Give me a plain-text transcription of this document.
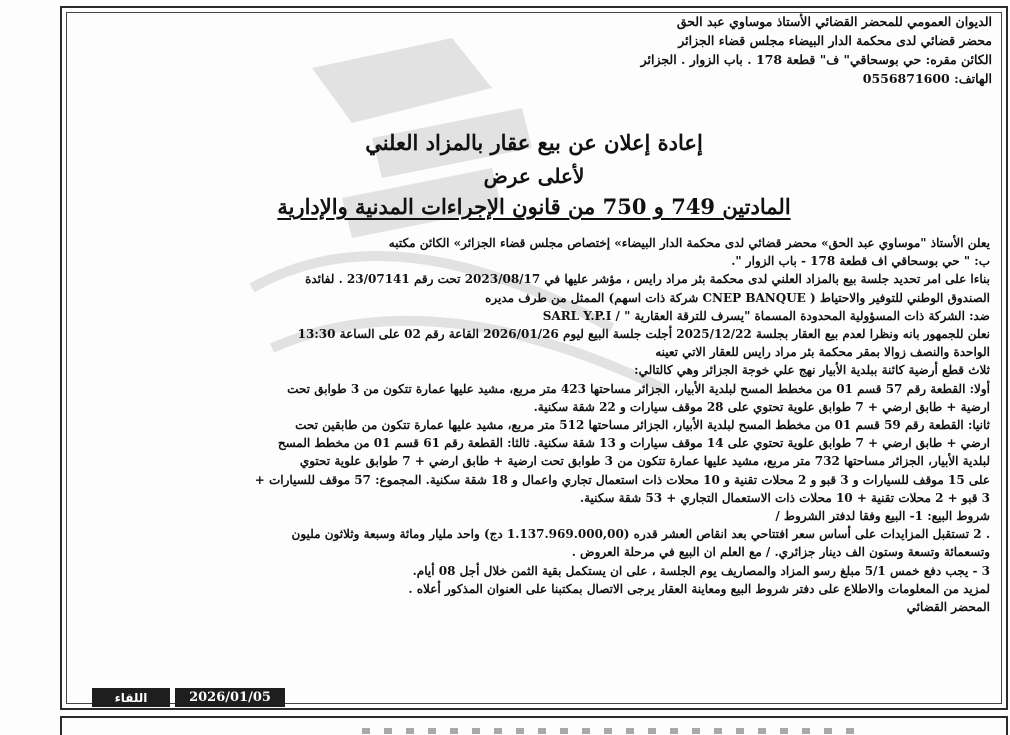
الديوان العمومي للمحضر القضائي الأستاذ موساوي عبد الحق
محضر قضائي لدى محكمة الدار البيضاء مجلس قضاء الجزائر
الكائن مقره: حي بوسحاقي" ف" قطعة 178 . باب الزوار . الجزائر
الهاتف: 0556871600
إعادة إعلان عن بيع عقار بالمزاد العلني
لأعلى عرض
المادتين 749 و 750 من قانون الإجراءات المدنية والإدارية

يعلن الأستاذ "موساوي عبد الحق» محضر قضائي لدى محكمة الدار البيضاء» إختصاص مجلس قضاء الجزائر» الكائن مكتبه

ب: " حي بوسحاقي اف قطعة 178 - باب الزوار ".

بناءا على امر تحديد جلسة بيع بالمزاد العلني لدى محكمة بئر مراد رايس ، مؤشر عليها في 2023/08/17 تحت رقم 23/07141 . لفائدة

الصندوق الوطني للتوفير والاحتياط ( CNEP BANQUE شركة ذات اسهم) الممثل من طرف مديره

ضد: الشركة ذات المسؤولية المحدودة المسماة "يسرف للترقة العقارية " / SARL Y.P.I

نعلن للجمهور بانه ونظرا لعدم بيع العقار بجلسة 2025/12/22 أجلت جلسة البيع ليوم 2026/01/26 القاعة رقم 02 على الساعة 13:30

الواحدة والنصف زوالا بمقر محكمة بئر مراد رايس للعقار الاتي تعينه

ثلاث قطع أرضية كائنة ببلدية الأبيار نهج علي خوجة الجزائر وهي كالتالي:

أولا: القطعة رقم 57 قسم 01 من مخطط المسح لبلدية الأبيار، الجزائر مساحتها 423 متر مربع، مشيد عليها عمارة تتكون من 3 طوابق تحت

ارضية + طابق ارضي + 7 طوابق علوية تحتوي على 28 موقف سيارات و 22 شقة سكنية.

ثانيا: القطعة رقم 59 قسم 01 من مخطط المسح لبلدية الأبيار، الجزائر مساحتها 512 متر مربع، مشيد عليها عمارة تتكون من طابقين تحت

ارضي + طابق ارضي + 7 طوابق علوية تحتوي على 14 موقف سيارات و 13 شقة سكنية. ثالثا: القطعة رقم 61 قسم 01 من مخطط المسح

لبلدية الأبيار، الجزائر مساحتها 732 متر مربع، مشيد عليها عمارة تتكون من 3 طوابق تحت ارضية + طابق ارضي + 7 طوابق علوية تحتوي

على 15 موقف للسيارات و 3 قبو و 2 محلات تقنية و 10 محلات ذات استعمال تجاري واعمال و 18 شقة سكنية. المجموع: 57 موقف للسيارات +

3 قبو + 2 محلات تقنية + 10 محلات ذات الاستعمال التجاري + 53 شقة سكنية.

شروط البيع: 1- البيع وفقا لدفتر الشروط /

. 2 تستقبل المزايدات على أساس سعر افتتاحي بعد انقاص العشر قدره (1.137.969.000,00 دج) واحد مليار ومائة وسبعة وثلاثون مليون

وتسعمائة وتسعة وستون الف دينار جزائري. / مع العلم ان البيع في مرحلة العروض .

3 - يجب دفع خمس 5/1 مبلغ رسو المزاد والمصاريف يوم الجلسة ، على ان يستكمل بقية الثمن خلال أجل 08 أيام.

لمزيد من المعلومات والاطلاع على دفتر شروط البيع ومعاينة العقار يرجى الاتصال بمكتبنا على العنوان المذكور أعلاه .

المحضر القضائي

اللقاء	2026/01/05
